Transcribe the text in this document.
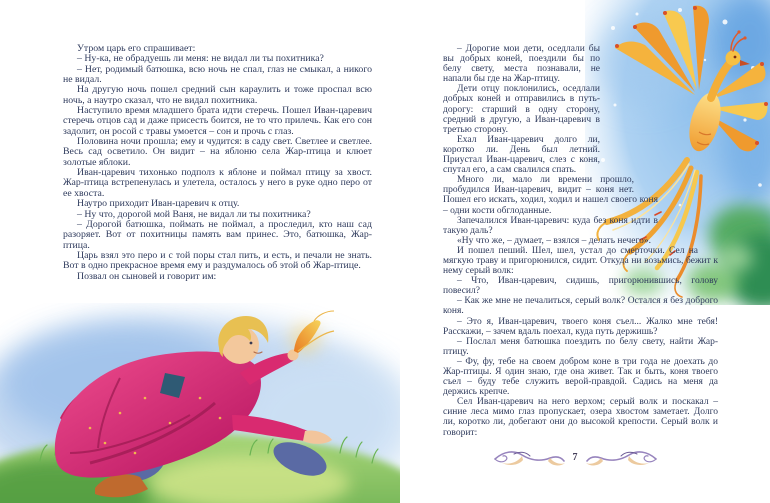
Утром царь его спрашивает:

– Ну-ка, не обрадуешь ли меня: не видал ли ты похитника?

– Нет, родимый батюшка, всю ночь не спал, глаз не смыкал, а никого не видал.

На другую ночь пошел средний сын караулить и тоже проспал всю ночь, а наутро сказал, что не видал похитника.

Наступило время младшего брата идти стеречь. Пошел Иван-царевич стеречь отцов сад и даже присесть боится, не то что прилечь. Как его сон задолит, он росой с травы умоется – сон и прочь с глаз.

Половина ночи прошла; ему и чудится: в саду свет. Светлее и светлее. Весь сад осветило. Он видит – на яблоню села Жар-птица и клюет золотые яблоки.

Иван-царевич тихонько подполз к яблоне и поймал птицу за хвост. Жар-птица встрепенулась и улетела, осталось у него в руке одно перо от ее хвоста.

Наутро приходит Иван-царевич к отцу.

– Ну что, дорогой мой Ваня, не видал ли ты похитника?

– Дорогой батюшка, поймать не поймал, а проследил, кто наш сад разоряет. Вот от похитницы память вам принес. Это, батюшка, Жар-птица.

Царь взял это перо и с той поры стал пить, и есть, и печали не знать. Вот в одно прекрасное время ему и раздумалось об этой об Жар-птице.

Позвал он сыновей и говорит им:

– Дорогие мои дети, оседлали бы вы добрых коней, поездили бы по белу свету, места познавали, не напали бы где на Жар-птицу.

Дети отцу поклонились, оседлали добрых коней и отправились в путь-дорогу: старший в одну сторону, средний в другую, а Иван-царевич в третью сторону.

Ехал Иван-царевич долго ли, коротко ли. День был летний. Приустал Иван-царевич, слез с коня, спутал его, а сам свалился спать.

Много ли, мало ли времени прошло, пробудился Иван-царевич, видит – коня нет. Пошел его искать, ходил, ходил и нашел своего коня – одни кости обглоданные.

Запечалился Иван-царевич: куда без коня идти в такую даль?

«Ну что же, – думает, – взялся – делать нечего».

И пошел пеший. Шел, шел, устал до смерточки. Сел на мягкую траву и пригорюнился, сидит. Откуда ни возьмись, бежит к нему серый волк:

– Что, Иван-царевич, сидишь, пригорюнившись, голову повесил?

– Как же мне не печалиться, серый волк? Остался я без доброго коня.

– Это я, Иван-царевич, твоего коня съел... Жалко мне тебя! Расскажи, – зачем вдаль поехал, куда путь держишь?

– Послал меня батюшка поездить по белу свету, найти Жар-птицу.

– Фу, фу, тебе на своем добром коне в три года не доехать до Жар-птицы. Я один знаю, где она живет. Так и быть, коня твоего съел – буду тебе служить верой-правдой. Садись на меня да держись крепче.

Сел Иван-царевич на него верхом; серый волк и поскакал – синие леса мимо глаз пропускает, озера хвостом заметает. Долго ли, коротко ли, добегают они до высокой крепости. Серый волк и говорит:

7
